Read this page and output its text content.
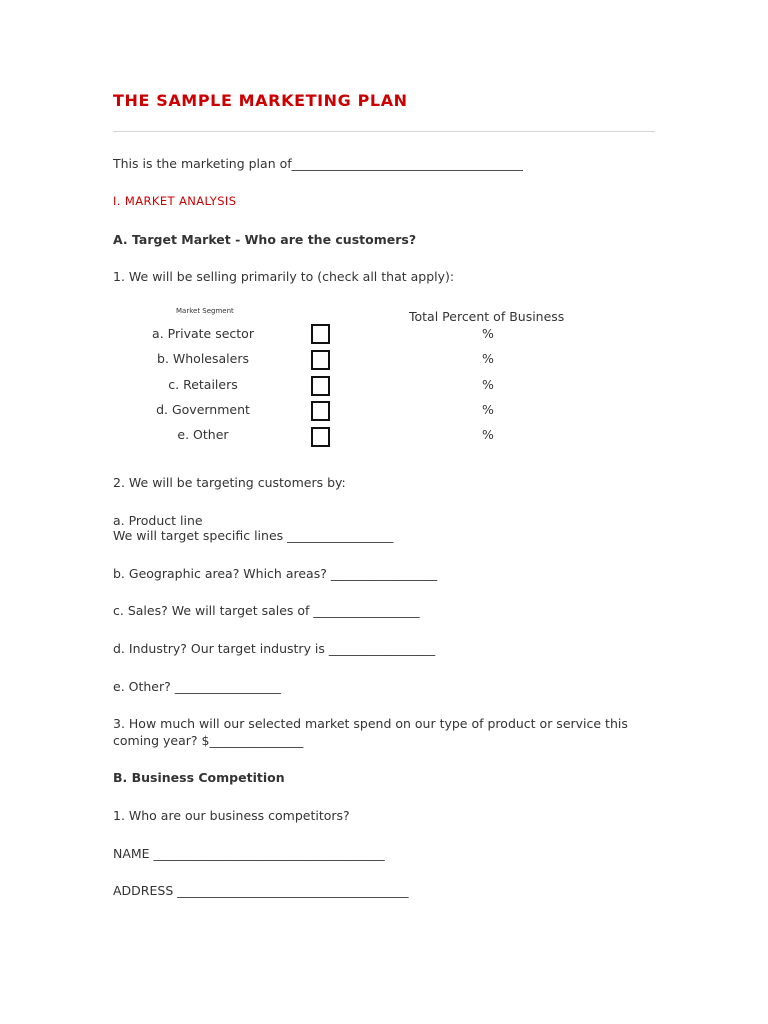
THE SAMPLE MARKETING PLAN
This is the marketing plan of_____________________________________
I. MARKET ANALYSIS
A. Target Market - Who are the customers?
1. We will be selling primarily to (check all that apply):
Market Segment	Total Percent of Business
a. Private sector	%
b. Wholesalers	%
c. Retailers	%
d. Government	%
e. Other	%
2. We will be targeting customers by:
a. Product line
We will target specific lines _________________
b. Geographic area? Which areas? _________________
c. Sales? We will target sales of _________________
d. Industry? Our target industry is _________________
e. Other? _________________
3. How much will our selected market spend on our type of product or service this
coming year? $_______________
B. Business Competition
1. Who are our business competitors?
NAME _____________________________________
ADDRESS _____________________________________
